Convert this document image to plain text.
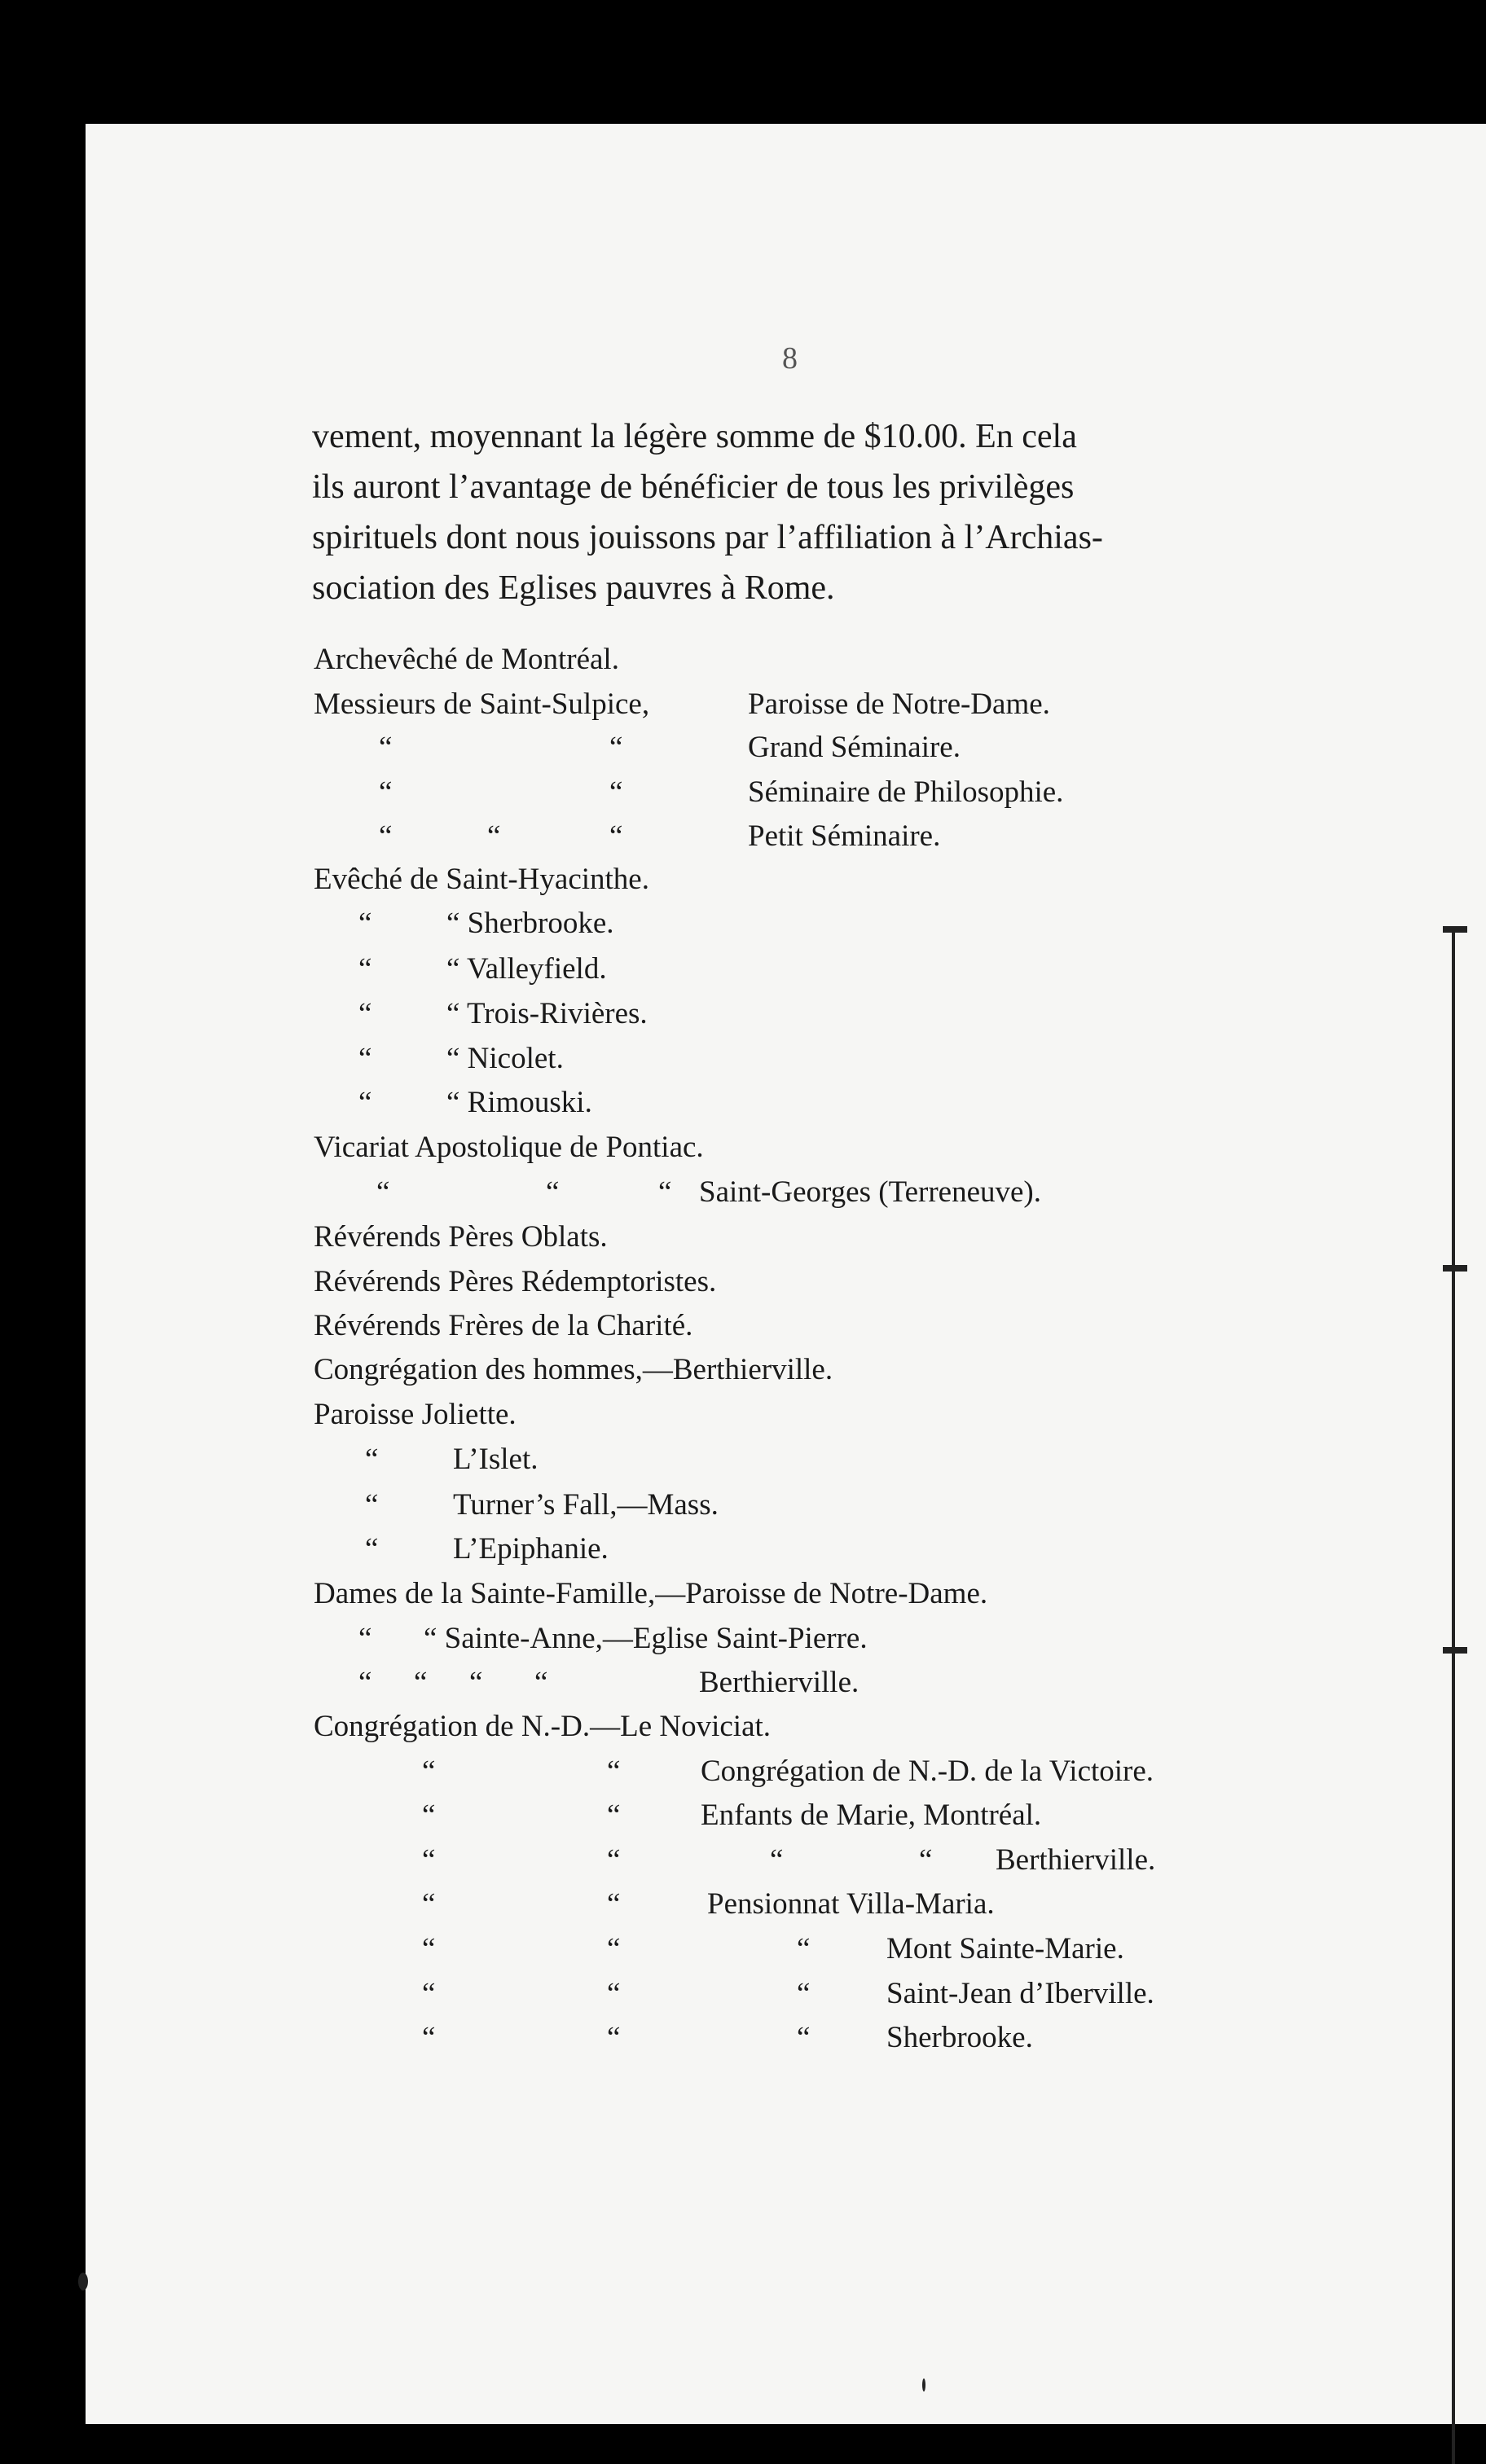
8
vement, moyennant la légère somme de $10.00. En cela
ils auront l’avantage de bénéficier de tous les privilèges
spirituels dont nous jouissons par l’affiliation à l’Archias-
sociation des Eglises pauvres à Rome.
Archevêché de Montréal.
Messieurs de Saint-Sulpice,	Paroisse de Notre-Dame.
“	“	Grand Séminaire.
“	“	Séminaire de Philosophie.
“	“	“	Petit Séminaire.
Evêché de Saint-Hyacinthe.
“ “ Sherbrooke.
“ “ Valleyfield.
“ “ Trois-Rivières.
“ “ Nicolet.
“ “ Rimouski.
Vicariat Apostolique de Pontiac.
“	“	“ Saint-Georges (Terreneuve).
Révérends Pères Oblats.
Révérends Pères Rédemptoristes.
Révérends Frères de la Charité.
Congrégation des hommes,—Berthierville.
Paroisse Joliette.
“ L’Islet.
“ Turner’s Fall,—Mass.
“ L’Epiphanie.
Dames de la Sainte-Famille,—Paroisse de Notre-Dame.
“ “ Sainte-Anne,—Eglise Saint-Pierre.
“ “ “ “	Berthierville.
Congrégation de N.-D.—Le Noviciat.
“	“	Congrégation de N.-D. de la Victoire.
“	“	Enfants de Marie, Montréal.
“	“	“	“ Berthierville.
“	“	Pensionnat Villa-Maria.
“	“	“	Mont Sainte-Marie.
“	“	“	Saint-Jean d’Iberville.
“	“	“	Sherbrooke.
